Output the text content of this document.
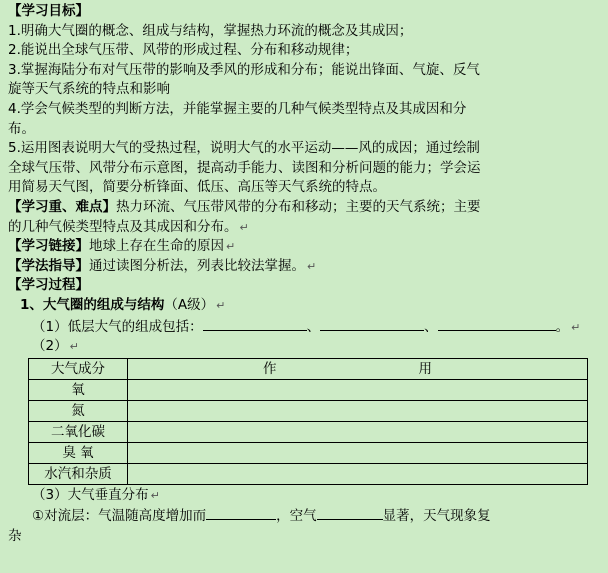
【学习目标】
1.明确大气圈的概念、组成与结构，掌握热力环流的概念及其成因；
2.能说出全球气压带、风带的形成过程、分布和移动规律；
3.掌握海陆分布对气压带的影响及季风的形成和分布；能说出锋面、气旋、反气
旋等天气系统的特点和影响
4.学会气候类型的判断方法，并能掌握主要的几种气候类型特点及其成因和分
布。
5.运用图表说明大气的受热过程，说明大气的水平运动——风的成因；通过绘制
全球气压带、风带分布示意图，提高动手能力、读图和分析问题的能力；学会运
用简易天气图，简要分析锋面、低压、高压等天气系统的特点。
【学习重、难点】热力环流、气压带风带的分布和移动；主要的天气系统；主要
的几种气候类型特点及其成因和分布。 ↵
【学习链接】地球上存在生命的原因 ↵
【学法指导】通过读图分析法，列表比较法掌握。 ↵
【学习过程】
1、大气圈的组成与结构（A级） ↵
（1）低层大气的组成包括：	、	、	。 ↵
（2） ↵
大气成分	作 用

氧	
氮	
二氧化碳	
臭 氧	
水汽和杂质	
（3）大气垂直分布 ↵
①对流层：气温随高度增加而	，空气	显著，天气现象复
杂
